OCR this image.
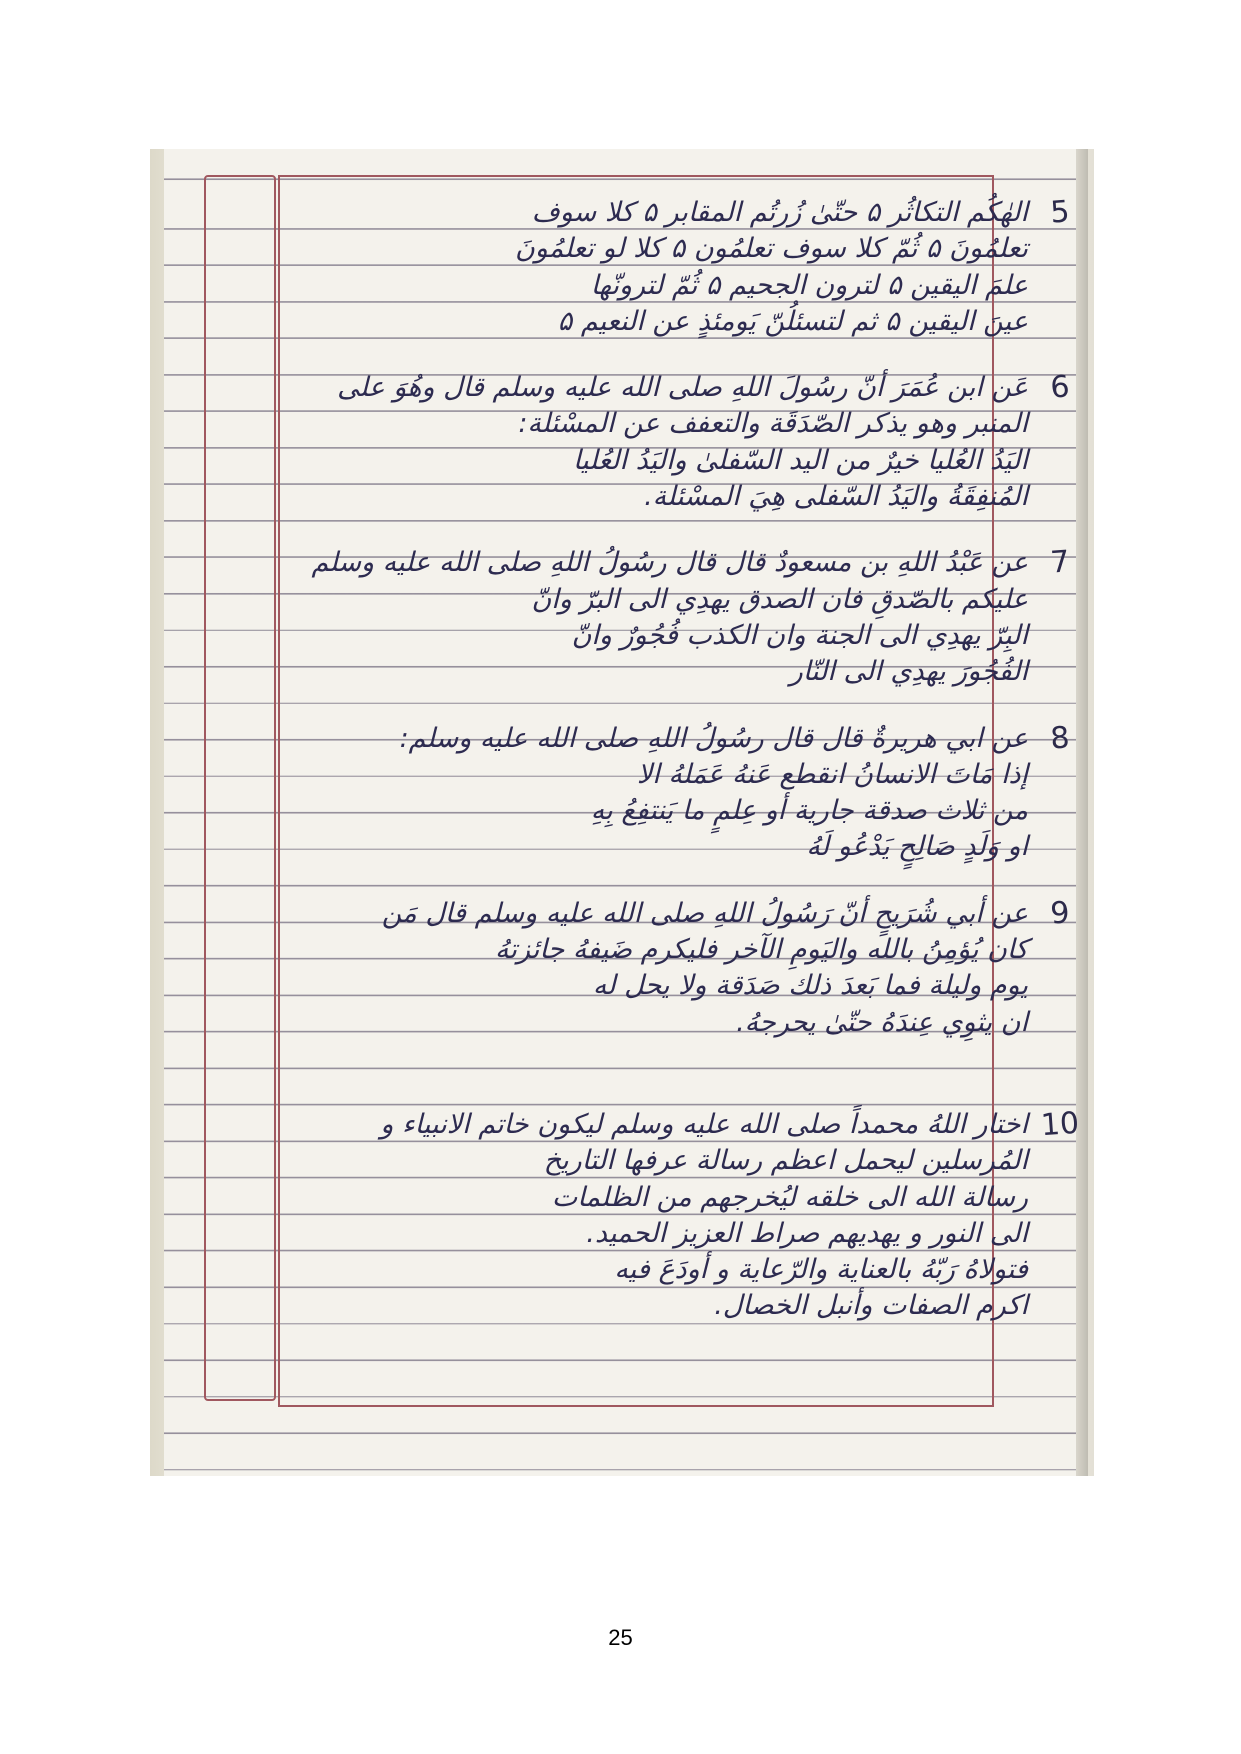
5

الهٰكُم التكاثُر ۵ حتّىٰ زُرتُم المقابر ۵ كلا سوف

تعلمُونَ ۵ ثُمّ كلا سوف تعلمُون ۵ كلا لو تعلمُونَ

علمَ اليقين ۵ لترون الجحيم ۵ ثُمّ لترونّها

عينَ اليقين ۵ ثم لتسئلُنّ يَومئذٍ عن النعيم ۵

6

عَن ابن عُمَرَ أنّ رسُولَ اللهِ صلى الله عليه وسلم قال وهُوَ على

المنبر وهو يذكر الصّدَقَة والتعفف عن المسْئلة:

اليَدُ العُليا خيرٌ من اليد السّفلىٰ واليَدُ العُليا

المُنفِقَةُ واليَدُ السّفلى هِيَ المسْئلة.

7

عن عَبْدُ اللهِ بن مسعودٌ قال قال رسُولُ اللهِ صلى الله عليه وسلم

عليكم بالصّدقِ فان الصدق يهدِي الى البرّ وانّ

البِرّ يهدِي الى الجنة وان الكذب فُجُورٌ وانّ

الفُجُورَ يهدِي الى النّار

8

عن ابي هريرةٌ قال قال رسُولُ اللهِ صلى الله عليه وسلم:

إذا مَاتَ الانسانُ انقطع عَنهُ عَمَلهُ الا

من ثلاث صدقة جارية أو عِلمٍ ما يَنتفِعُ بِهِ

او وَلَدٍ صَالِحٍ يَدْعُو لَهُ

9

عن أبي شُرَيحٍ أنّ رَسُولُ اللهِ صلى الله عليه وسلم قال مَن

كان يُؤمِنُ بالله واليَومِ الآخر فليكرم ضَيفهُ جائزتهُ

يوم وليلة فما بَعدَ ذلك صَدَقة ولا يحل له

ان يثوِي عِندَهُ حتّىٰ يحرجهُ.

10

اختار اللهُ محمداً صلى الله عليه وسلم ليكون خاتم الانبياء و

المُرسلين ليحمل اعظم رسالة عرفها التاريخ

رسالة الله الى خلقه ليُخرجهم من الظلمات

الى النور و يهديهم صراط العزيز الحميد.

فتولاهُ رَبّهُ بالعناية والرّعاية و أودَعَ فيه

اكرم الصفات وأنبل الخصال.

25
